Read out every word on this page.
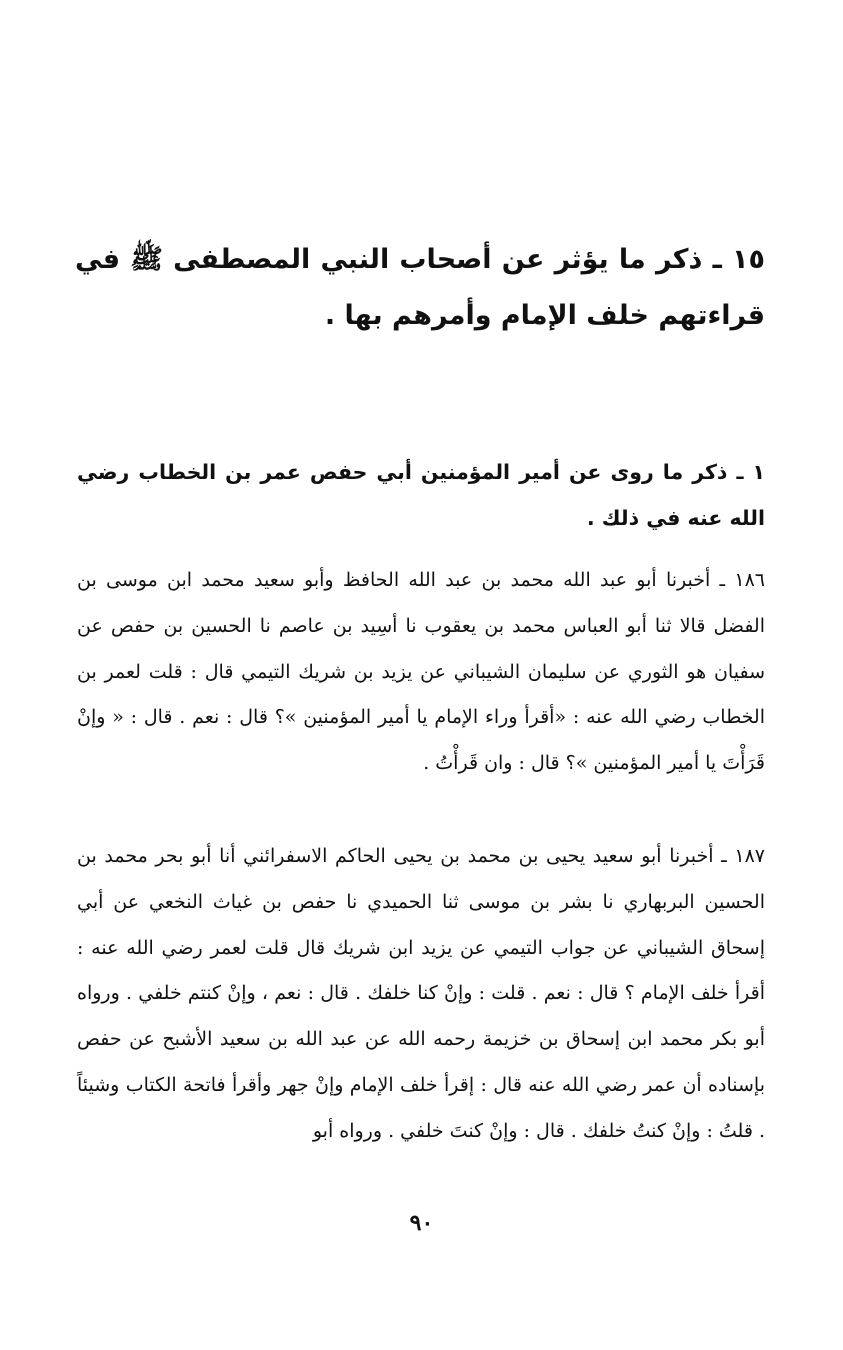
١٥ ـ ذكر ما يؤثر عن أصحاب النبي المصطفى ﷺ في قراءتهم خلف الإمام وأمرهم بها .
١ ـ ذكر ما روى عن أمير المؤمنين أبي حفص عمر بن الخطاب رضي الله عنه في ذلك .

١٨٦ ـ أخبرنا أبو عبد الله محمد بن عبد الله الحافظ وأبو سعيد محمد ابن موسى بن الفضل قالا ثنا أبو العباس محمد بن يعقوب نا أسِيد بن عاصم نا الحسين بن حفص عن سفيان هو الثوري عن سليمان الشيباني عن يزيد بن شريك التيمي قال : قلت لعمر بن الخطاب رضي الله عنه : «أقرأ وراء الإمام يا أمير المؤمنين »؟ قال : نعم . قال : « وإنْ قَرَأْتَ يا أمير المؤمنين »؟ قال : وان قَرأْتُ .

١٨٧ ـ أخبرنا أبو سعيد يحيى بن محمد بن يحيى الحاكم الاسفرائني أنا أبو بحر محمد بن الحسين البربهاري نا بشر بن موسى ثنا الحميدي نا حفص بن غياث النخعي عن أبي إسحاق الشيباني عن جواب التيمي عن يزيد ابن شريك قال قلت لعمر رضي الله عنه : أقرأ خلف الإمام ؟ قال : نعم . قلت : وإنْ كنا خلفك . قال : نعم ، وإنْ كنتم خلفي . ورواه أبو بكر محمد ابن إسحاق بن خزيمة رحمه الله عن عبد الله بن سعيد الأشبح عن حفص بإسناده أن عمر رضي الله عنه قال : إقرأ خلف الإمام وإنْ جهر وأقرأ فاتحة الكتاب وشيئاً . قلتُ : وإنْ كنتُ خلفك . قال : وإنْ كنتَ خلفي . ورواه أبو

٩٠
